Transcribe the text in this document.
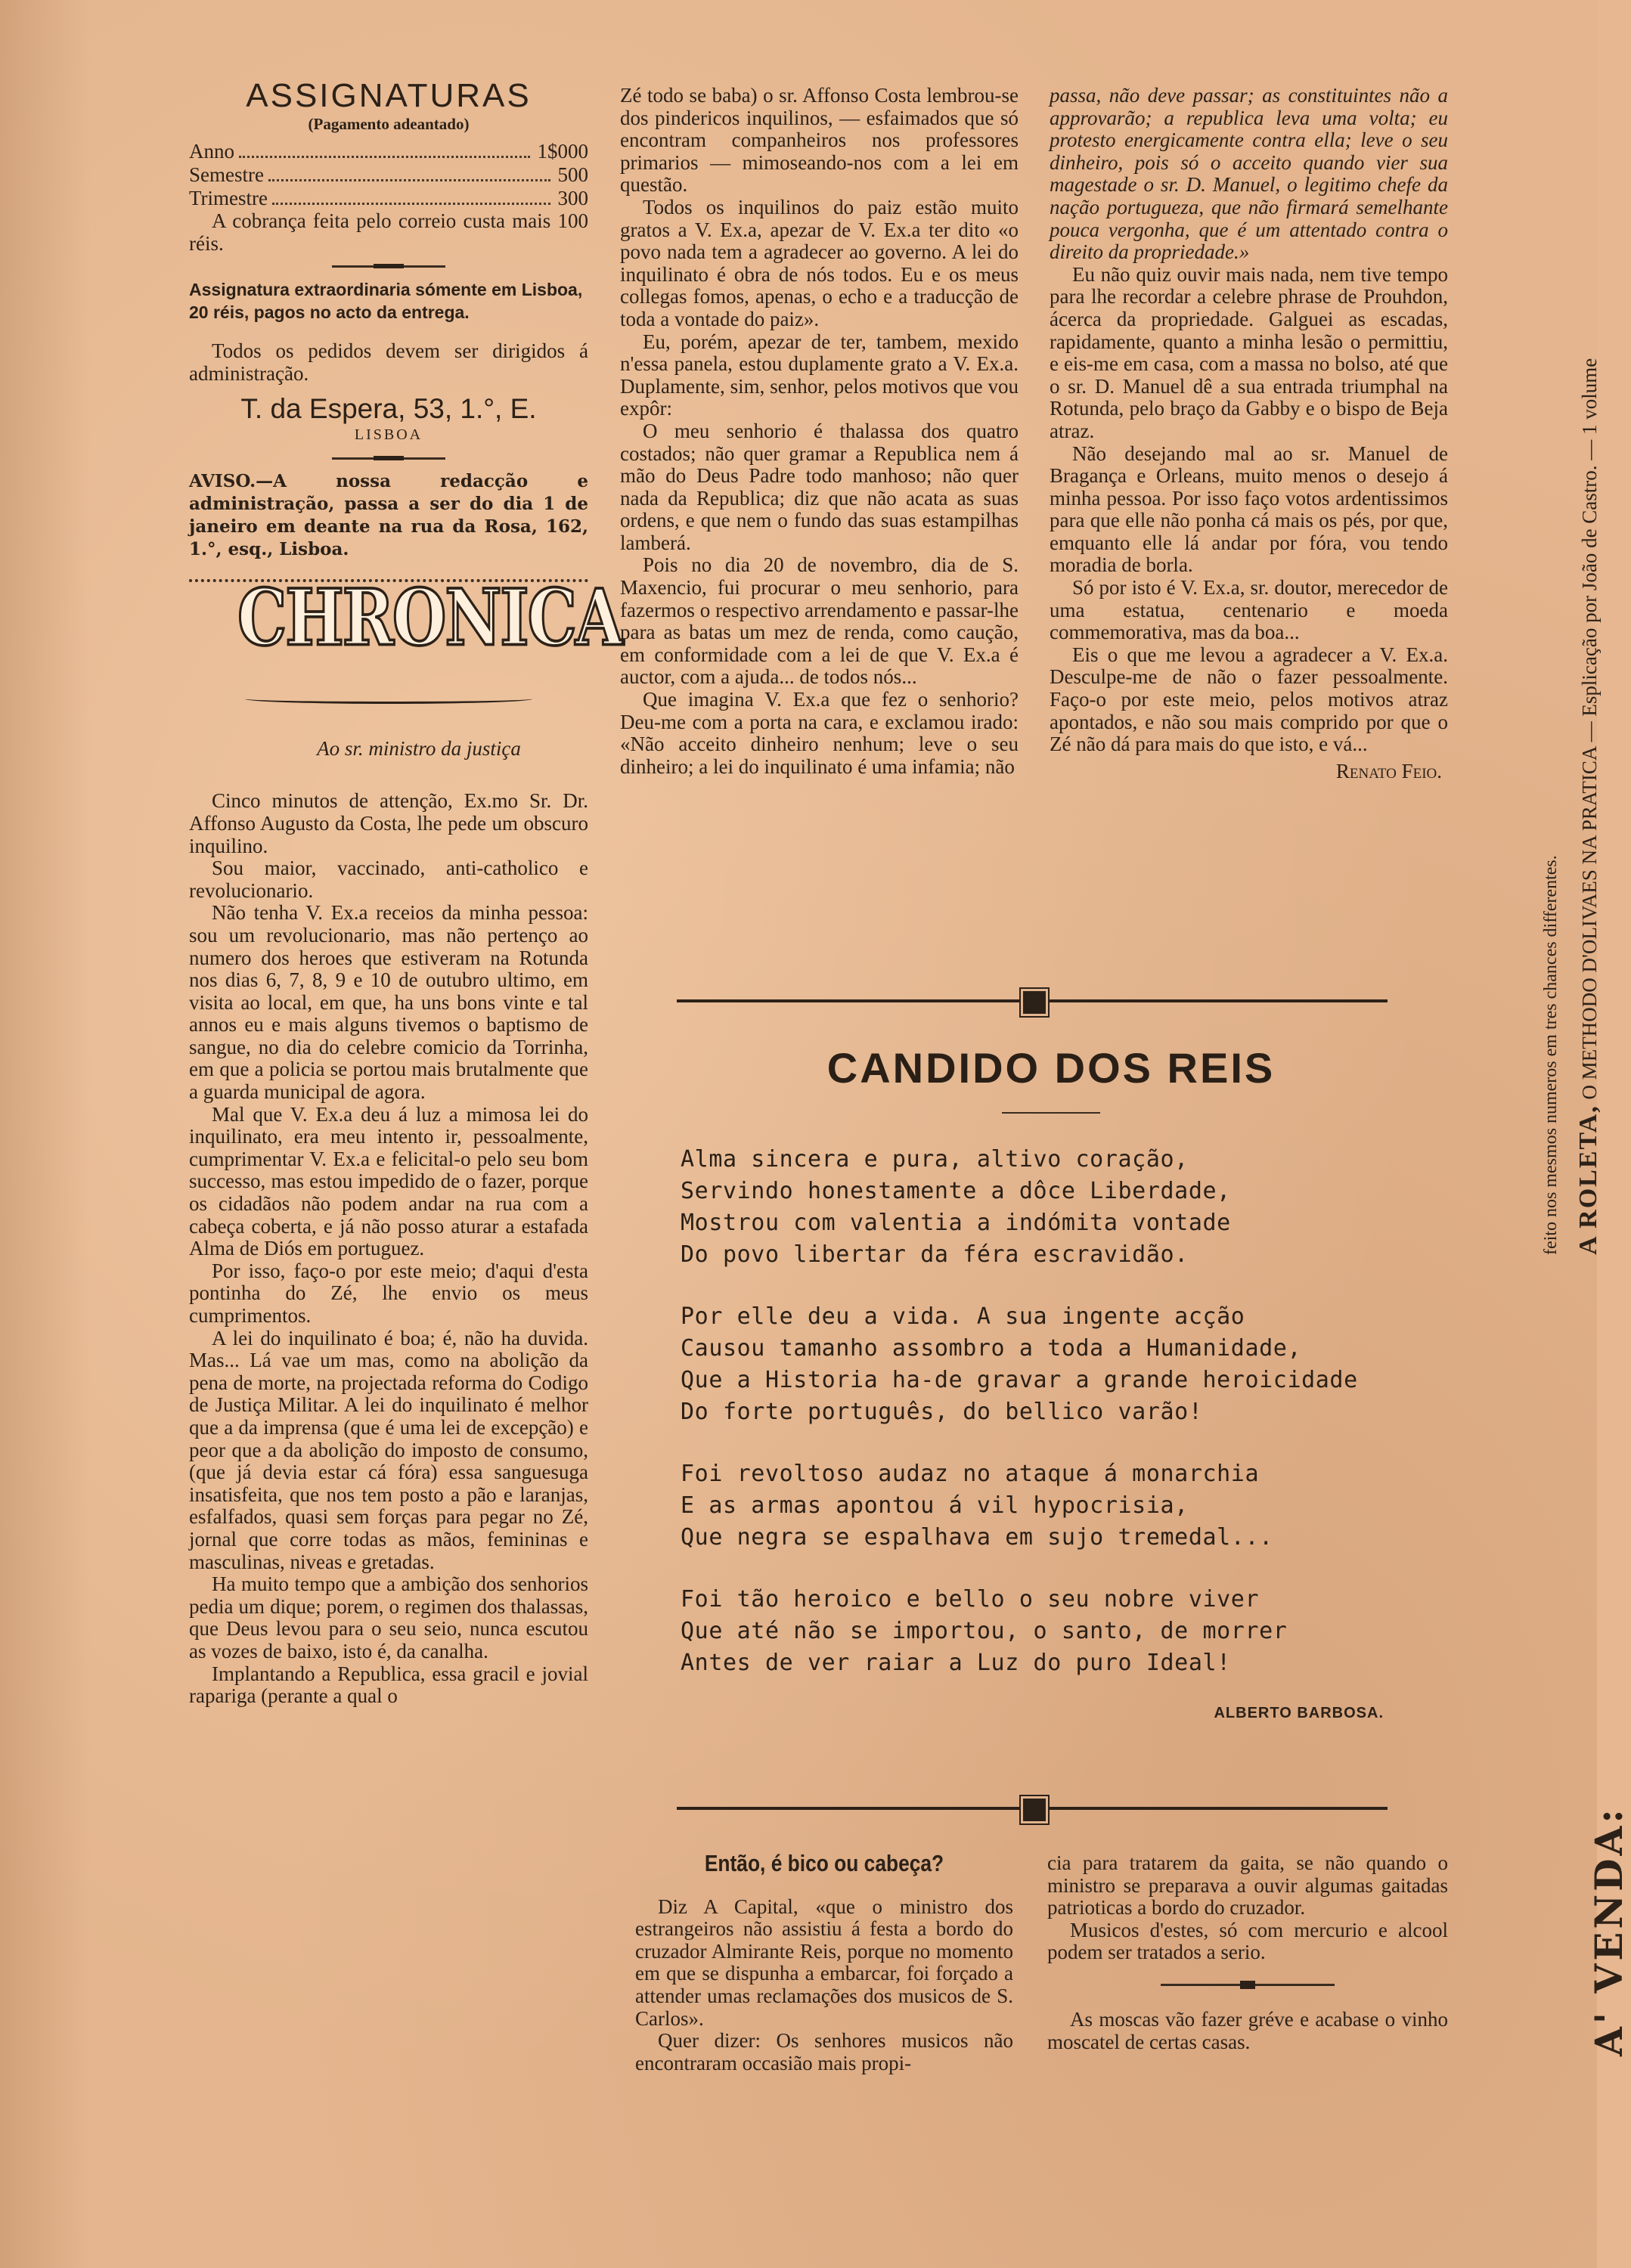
ASSIGNATURAS
(Pagamento adeantado)
Anno	1$000
Semestre	500
Trimestre	300

A cobrança feita pelo correio custa mais 100 réis.

Assignatura extraordinaria sómente em Lisboa, 20 réis, pagos no acto da entrega.

Todos os pedidos devem ser dirigidos á administração.

T. da Espera, 53, 1.°, E.
LISBOA
AVISO.—A nossa redacção e administração, passa a ser do dia 1 de janeiro em deante na rua da Rosa, 162, 1.°, esq., Lisboa.
CHRONICA
Ao sr. ministro da justiça

Cinco minutos de attenção, Ex.mo Sr. Dr. Affonso Augusto da Costa, lhe pede um obscuro inquilino.

Sou maior, vaccinado, anti-catholico e revolucionario.

Não tenha V. Ex.a receios da minha pessoa: sou um revolucionario, mas não pertenço ao numero dos heroes que estiveram na Rotunda nos dias 6, 7, 8, 9 e 10 de outubro ultimo, em visita ao local, em que, ha uns bons vinte e tal annos eu e mais alguns tivemos o baptismo de sangue, no dia do celebre comicio da Torrinha, em que a policia se portou mais brutalmente que a guarda municipal de agora.

Mal que V. Ex.a deu á luz a mimosa lei do inquilinato, era meu intento ir, pessoalmente, cumprimentar V. Ex.a e felicital-o pelo seu bom successo, mas estou impedido de o fazer, porque os cidadãos não podem andar na rua com a cabeça coberta, e já não posso aturar a estafada Alma de Diós em portuguez.

Por isso, faço-o por este meio; d'aqui d'esta pontinha do Zé, lhe envio os meus cumprimentos.

A lei do inquilinato é boa; é, não ha duvida. Mas... Lá vae um mas, como na abolição da pena de morte, na projectada reforma do Codigo de Justiça Militar. A lei do inquilinato é melhor que a da imprensa (que é uma lei de excepção) e peor que a da abolição do imposto de consumo, (que já devia estar cá fóra) essa sanguesuga insatisfeita, que nos tem posto a pão e laranjas, esfalfados, quasi sem forças para pegar no Zé, jornal que corre todas as mãos, femininas e masculinas, niveas e gretadas.

Ha muito tempo que a ambição dos senhorios pedia um dique; porem, o regimen dos thalassas, que Deus levou para o seu seio, nunca escutou as vozes de baixo, isto é, da canalha.

Implantando a Republica, essa gracil e jovial rapariga (perante a qual o

Zé todo se baba) o sr. Affonso Costa lembrou-se dos pindericos inquilinos, — esfaimados que só encontram companheiros nos professores primarios — mimoseando-nos com a lei em questão.

Todos os inquilinos do paiz estão muito gratos a V. Ex.a, apezar de V. Ex.a ter dito «o povo nada tem a agradecer ao governo. A lei do inquilinato é obra de nós todos. Eu e os meus collegas fomos, apenas, o echo e a traducção de toda a vontade do paiz».

Eu, porém, apezar de ter, tambem, mexido n'essa panela, estou duplamente grato a V. Ex.a. Duplamente, sim, senhor, pelos motivos que vou expôr:

O meu senhorio é thalassa dos quatro costados; não quer gramar a Republica nem á mão do Deus Padre todo manhoso; não quer nada da Republica; diz que não acata as suas ordens, e que nem o fundo das suas estampilhas lamberá.

Pois no dia 20 de novembro, dia de S. Maxencio, fui procurar o meu senhorio, para fazermos o respectivo arrendamento e passar-lhe para as batas um mez de renda, como caução, em conformidade com a lei de que V. Ex.a é auctor, com a ajuda... de todos nós...

Que imagina V. Ex.a que fez o senhorio? Deu-me com a porta na cara, e exclamou irado: «Não acceito dinheiro nenhum; leve o seu dinheiro; a lei do inquilinato é uma infamia; não

passa, não deve passar; as constituintes não a approvarão; a republica leva uma volta; eu protesto energicamente contra ella; leve o seu dinheiro, pois só o acceito quando vier sua magestade o sr. D. Manuel, o legitimo chefe da nação portugueza, que não firmará semelhante pouca vergonha, que é um attentado contra o direito da propriedade.»

Eu não quiz ouvir mais nada, nem tive tempo para lhe recordar a celebre phrase de Prouhdon, ácerca da propriedade. Galguei as escadas, rapidamente, quanto a minha lesão o permittiu, e eis-me em casa, com a massa no bolso, até que o sr. D. Manuel dê a sua entrada triumphal na Rotunda, pelo braço da Gabby e o bispo de Beja atraz.

Não desejando mal ao sr. Manuel de Bragança e Orleans, muito menos o desejo á minha pessoa. Por isso faço votos ardentissimos para que elle não ponha cá mais os pés, por que, emquanto elle lá andar por fóra, vou tendo moradia de borla.

Só por isto é V. Ex.a, sr. doutor, merecedor de uma estatua, centenario e moeda commemorativa, mas da boa...

Eis o que me levou a agradecer a V. Ex.a. Desculpe-me de não o fazer pessoalmente. Faço-o por este meio, pelos motivos atraz apontados, e não sou mais comprido por que o Zé não dá para mais do que isto, e vá...

Renato Feio.
CANDIDO DOS REIS
Alma sincera e pura, altivo coração,
Servindo honestamente a dôce Liberdade,
Mostrou com valentia a indómita vontade
Do povo libertar da féra escravidão.
Por elle deu a vida. A sua ingente acção
Causou tamanho assombro a toda a Humanidade,
Que a Historia ha-de gravar a grande heroicidade
Do forte português, do bellico varão!
Foi revoltoso audaz no ataque á monarchia
E as armas apontou á vil hypocrisia,
Que negra se espalhava em sujo tremedal...
Foi tão heroico e bello o seu nobre viver
Que até não se importou, o santo, de morrer
Antes de ver raiar a Luz do puro Ideal!
ALBERTO BARBOSA.
Então, é bico ou cabeça?

Diz A Capital, «que o ministro dos estrangeiros não assistiu á festa a bordo do cruzador Almirante Reis, porque no momento em que se dispunha a embarcar, foi forçado a attender umas reclamações dos musicos de S. Carlos».

Quer dizer: Os senhores musicos não encontraram occasião mais propi-

cia para tratarem da gaita, se não quando o ministro se preparava a ouvir algumas gaitadas patrioticas a bordo do cruzador.

Musicos d'estes, só com mercurio e alcool podem ser tratados a serio.

As moscas vão fazer gréve e acabase o vinho moscatel de certas casas.

feito nos mesmos numeros em tres chances differentes. A ROLETA, O METHODO D'OLIVAES NA PRATICA — Esplicação por João de Castro. — 1 volume
A' VENDA:
